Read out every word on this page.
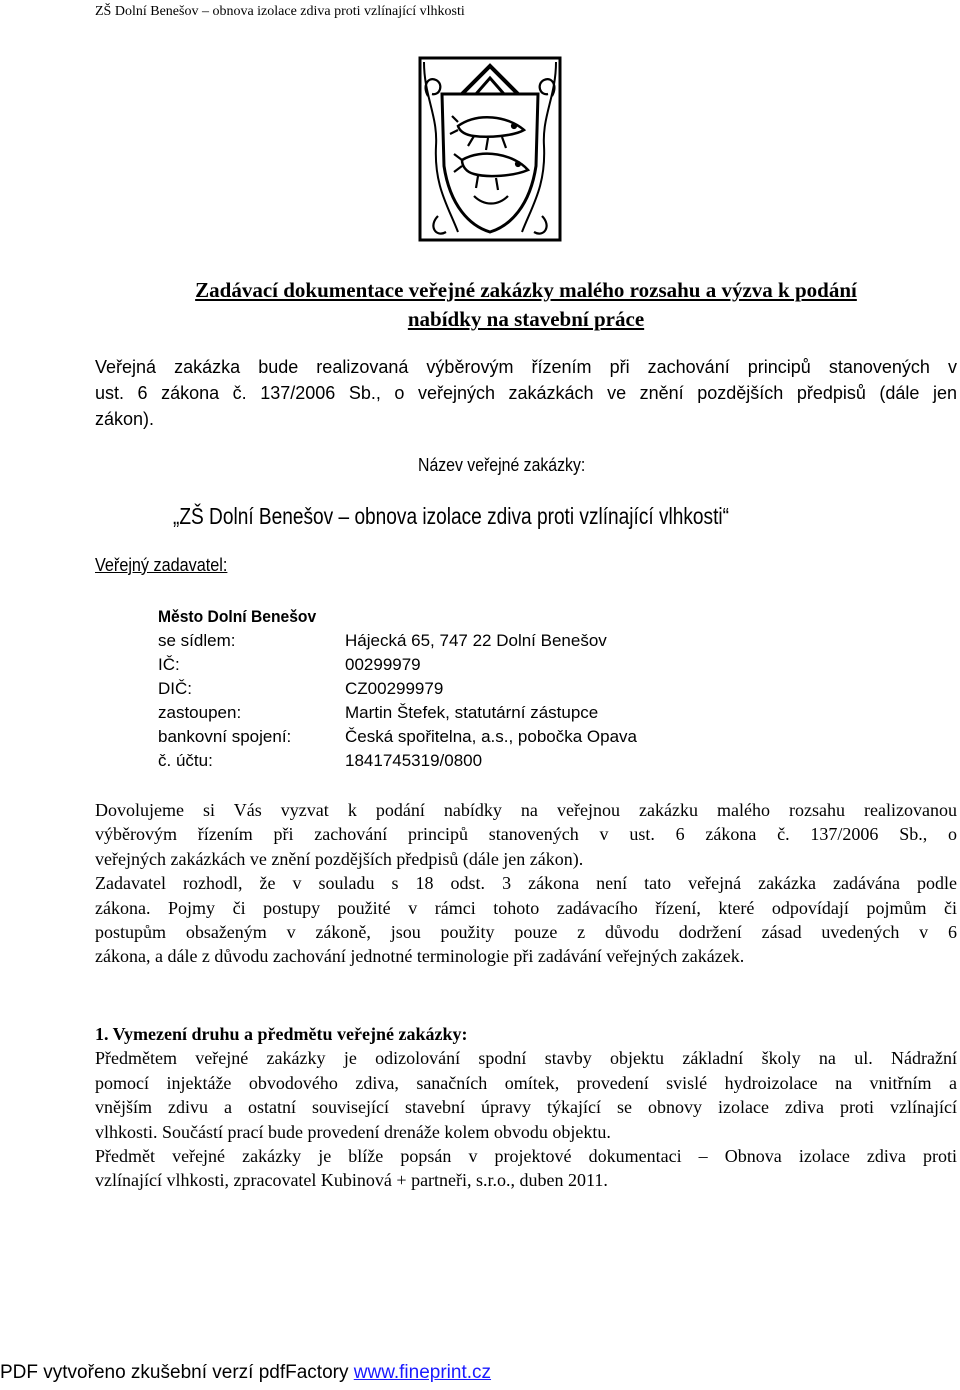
ZŠ Dolní Benešov – obnova izolace zdiva proti vzlínající vlhkosti
Zadávací dokumentace veřejné zakázky malého rozsahu a výzva k podání
nabídky na stavební práce
Veřejná zakázka bude realizovaná výběrovým řízením při zachování principů stanovených v
ust. 6 zákona č. 137/2006 Sb., o veřejných zakázkách ve znění pozdějších předpisů (dále jen
zákon).
Název veřejné zakázky:
„ZŠ Dolní Benešov – obnova izolace zdiva proti vzlínající vlhkosti“
Veřejný zadavatel:
Město Dolní Benešov
se sídlem:	Hájecká 65, 747 22 Dolní Benešov
IČ:	00299979
DIČ:	CZ00299979
zastoupen:	Martin Štefek, statutární zástupce
bankovní spojení:	Česká spořitelna, a.s., pobočka Opava
č. účtu:	1841745319/0800
Dovolujeme si Vás vyzvat k podání nabídky na veřejnou zakázku malého rozsahu realizovanou
výběrovým řízením při zachování principů stanovených v ust. 6 zákona č. 137/2006 Sb., o
veřejných zakázkách ve znění pozdějších předpisů (dále jen zákon).
Zadavatel rozhodl, že v souladu s 18 odst. 3 zákona není tato veřejná zakázka zadávána podle
zákona. Pojmy či postupy použité v rámci tohoto zadávacího řízení, které odpovídají pojmům či
postupům obsaženým v zákoně, jsou použity pouze z důvodu dodržení zásad uvedených v 6
zákona, a dále z důvodu zachování jednotné terminologie při zadávání veřejných zakázek.
1. Vymezení druhu a předmětu veřejné zakázky:
Předmětem veřejné zakázky je odizolování spodní stavby objektu základní školy na ul. Nádražní
pomocí injektáže obvodového zdiva, sanačních omítek, provedení svislé hydroizolace na vnitřním a
vnějším zdivu a ostatní související stavební úpravy týkající se obnovy izolace zdiva proti vzlínající
vlhkosti. Součástí prací bude provedení drenáže kolem obvodu objektu.
Předmět veřejné zakázky je blíže popsán v projektové dokumentaci – Obnova izolace zdiva proti
vzlínající vlhkosti, zpracovatel Kubinová + partneři, s.r.o., duben 2011.
PDF vytvořeno zkušební verzí pdfFactory www.fineprint.cz
